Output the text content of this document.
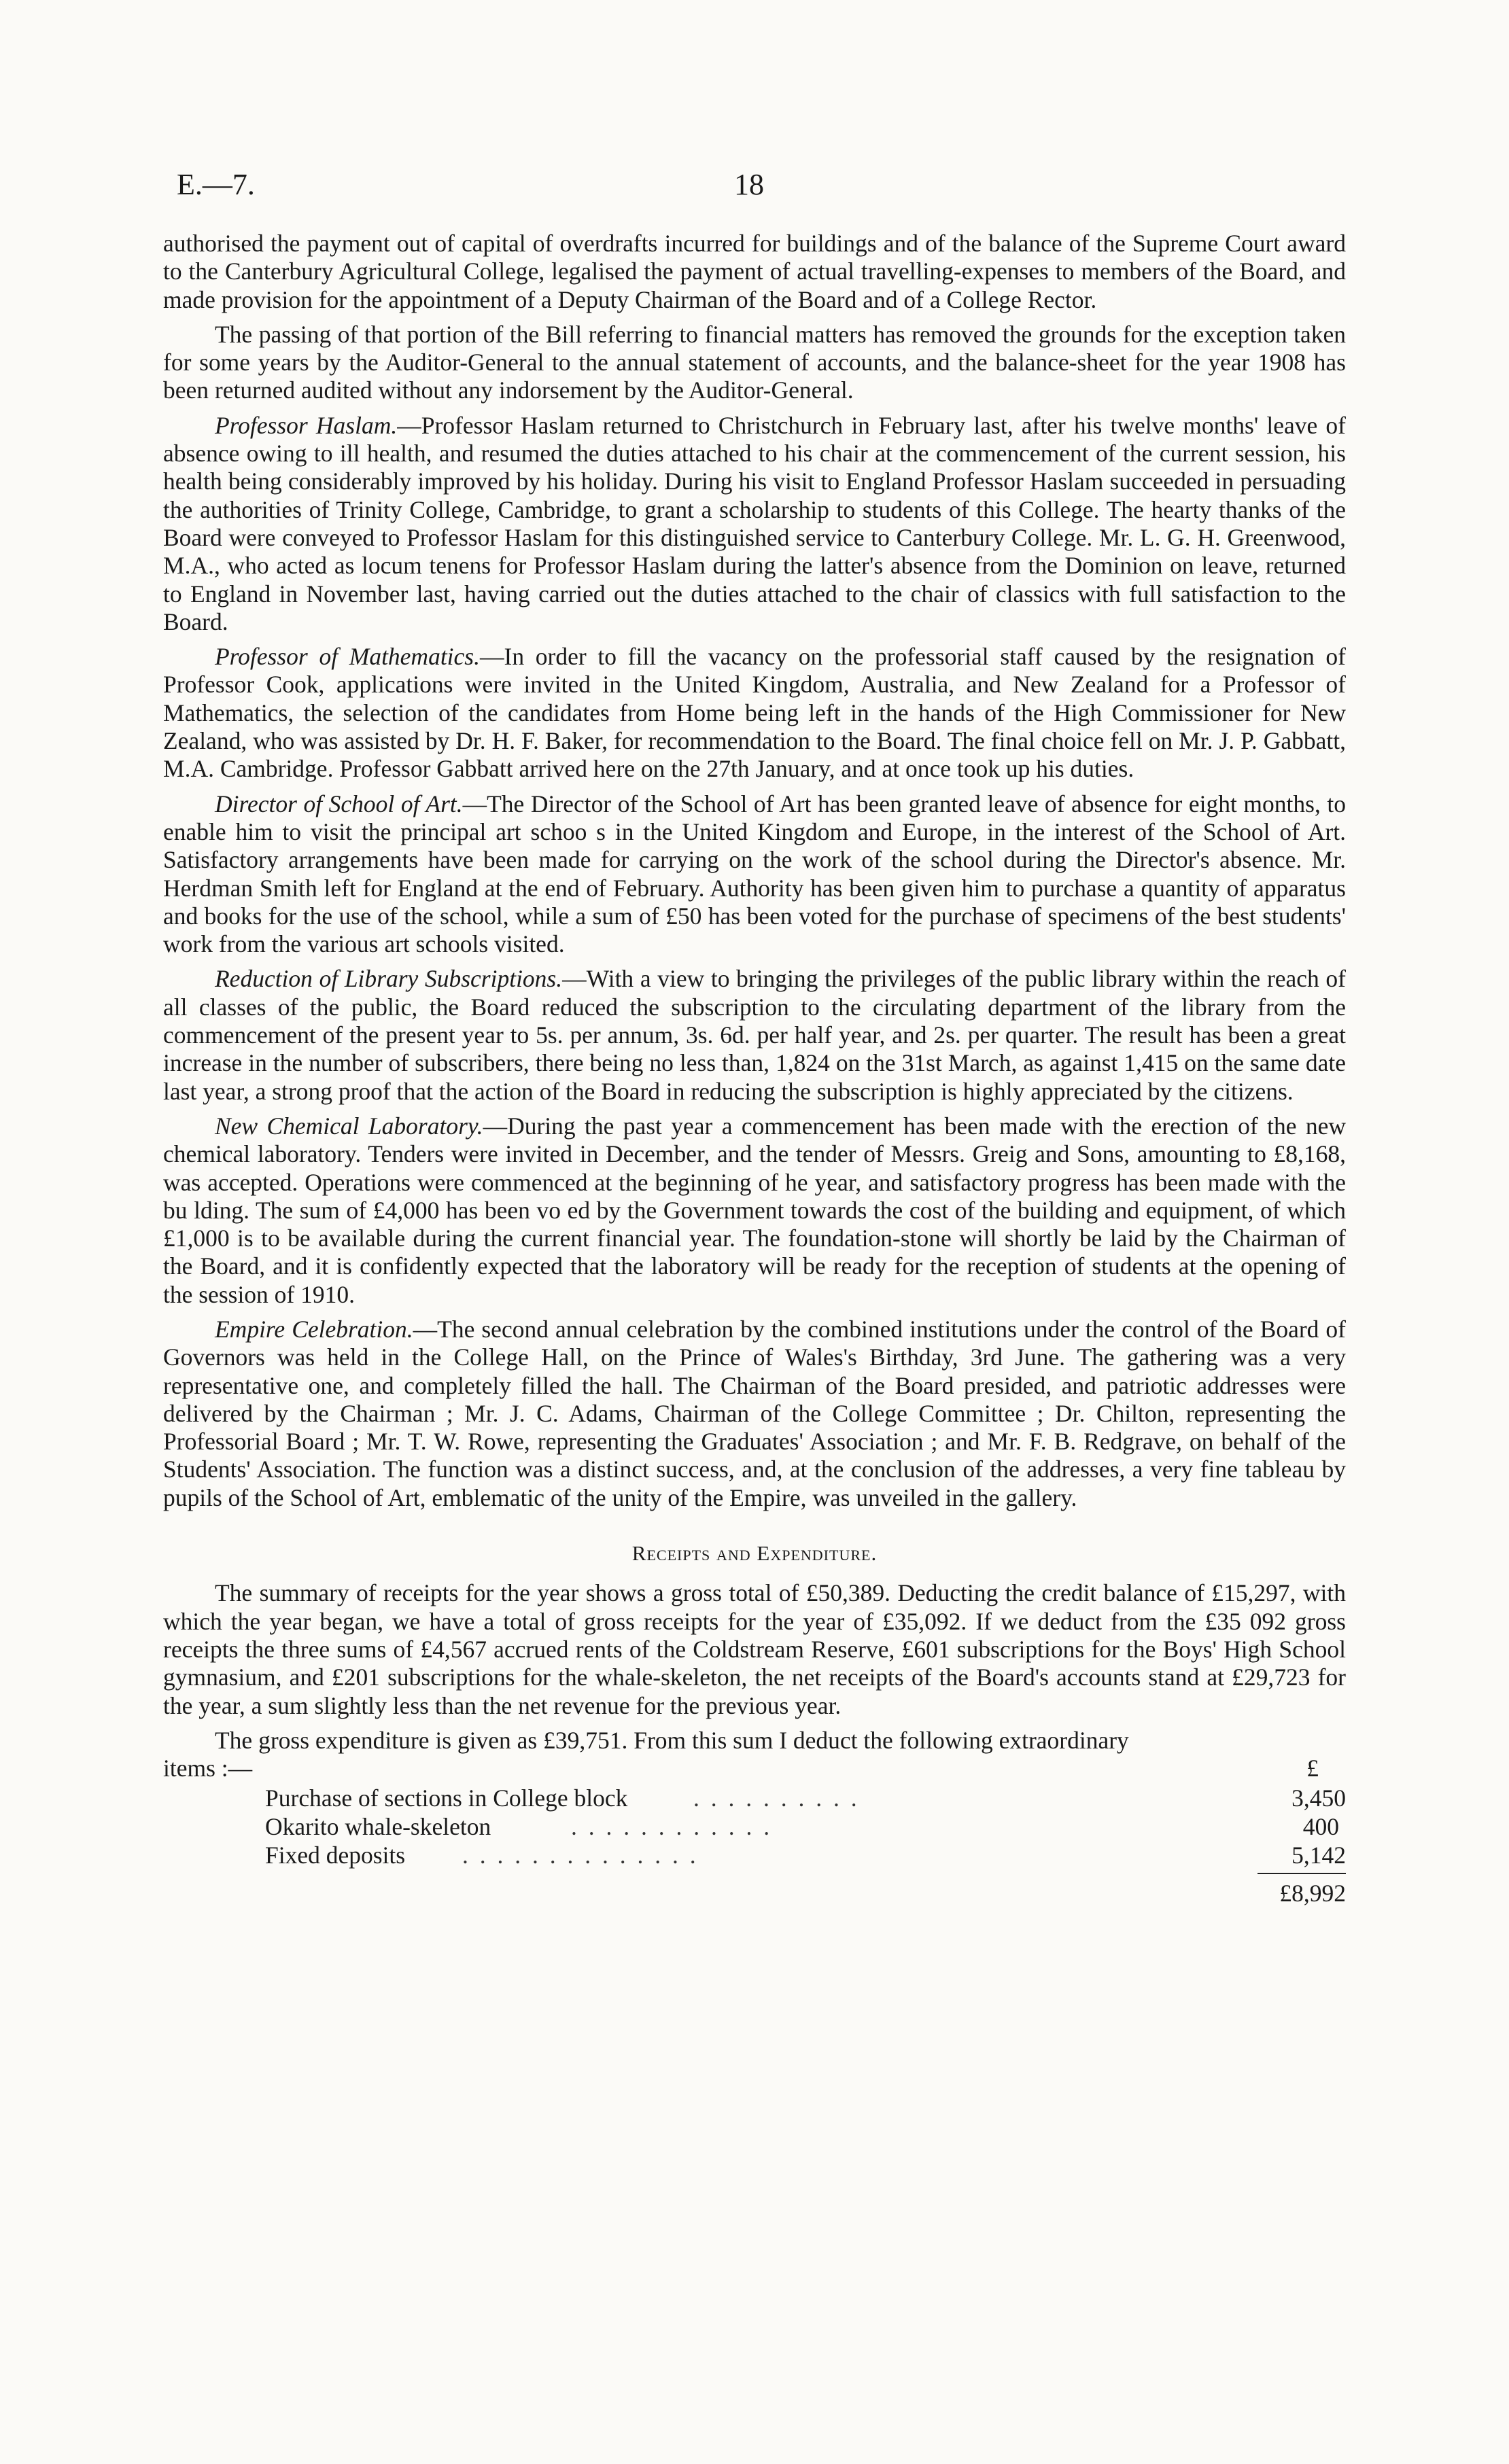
E.—7.	18

authorised the payment out of capital of overdrafts incurred for buildings and of the balance of the Supreme Court award to the Canterbury Agricultural College, legalised the payment of actual travelling-expenses to members of the Board, and made provision for the appointment of a Deputy Chairman of the Board and of a College Rector.

The passing of that portion of the Bill referring to financial matters has removed the grounds for the exception taken for some years by the Auditor-General to the annual statement of accounts, and the balance-sheet for the year 1908 has been returned audited without any indorsement by the Auditor-General.

Professor Haslam.—Professor Haslam returned to Christchurch in February last, after his twelve months' leave of absence owing to ill health, and resumed the duties attached to his chair at the commencement of the current session, his health being considerably improved by his holiday. During his visit to England Professor Haslam succeeded in persuading the authorities of Trinity College, Cambridge, to grant a scholarship to students of this College. The hearty thanks of the Board were conveyed to Professor Haslam for this distinguished service to Canterbury College. Mr. L. G. H. Greenwood, M.A., who acted as locum tenens for Professor Haslam during the latter's absence from the Dominion on leave, returned to England in November last, having carried out the duties attached to the chair of classics with full satisfaction to the Board.

Professor of Mathematics.—In order to fill the vacancy on the professorial staff caused by the resignation of Professor Cook, applications were invited in the United Kingdom, Australia, and New Zealand for a Professor of Mathematics, the selection of the candidates from Home being left in the hands of the High Commissioner for New Zealand, who was assisted by Dr. H. F. Baker, for recommendation to the Board. The final choice fell on Mr. J. P. Gabbatt, M.A. Cambridge. Professor Gabbatt arrived here on the 27th January, and at once took up his duties.

Director of School of Art.—The Director of the School of Art has been granted leave of absence for eight months, to enable him to visit the principal art schoo s in the United Kingdom and Europe, in the interest of the School of Art. Satisfactory arrangements have been made for carrying on the work of the school during the Director's absence. Mr. Herdman Smith left for England at the end of February. Authority has been given him to purchase a quantity of apparatus and books for the use of the school, while a sum of £50 has been voted for the purchase of specimens of the best students' work from the various art schools visited.

Reduction of Library Subscriptions.—With a view to bringing the privileges of the public library within the reach of all classes of the public, the Board reduced the subscription to the circulating department of the library from the commencement of the present year to 5s. per annum, 3s. 6d. per half year, and 2s. per quarter. The result has been a great increase in the number of subscribers, there being no less than, 1,824 on the 31st March, as against 1,415 on the same date last year, a strong proof that the action of the Board in reducing the subscription is highly appreciated by the citizens.

New Chemical Laboratory.—During the past year a commencement has been made with the erection of the new chemical laboratory. Tenders were invited in December, and the tender of Messrs. Greig and Sons, amounting to £8,168, was accepted. Operations were commenced at the beginning of he year, and satisfactory progress has been made with the bu lding. The sum of £4,000 has been vo ed by the Government towards the cost of the building and equipment, of which £1,000 is to be available during the current financial year. The foundation-stone will shortly be laid by the Chairman of the Board, and it is confidently expected that the laboratory will be ready for the reception of students at the opening of the session of 1910.

Empire Celebration.—The second annual celebration by the combined institutions under the control of the Board of Governors was held in the College Hall, on the Prince of Wales's Birthday, 3rd June. The gathering was a very representative one, and completely filled the hall. The Chairman of the Board presided, and patriotic addresses were delivered by the Chairman ; Mr. J. C. Adams, Chairman of the College Committee ; Dr. Chilton, representing the Professorial Board ; Mr. T. W. Rowe, representing the Graduates' Association ; and Mr. F. B. Redgrave, on behalf of the Students' Association. The function was a distinct success, and, at the conclusion of the addresses, a very fine tableau by pupils of the School of Art, emblematic of the unity of the Empire, was unveiled in the gallery.

Receipts and Expenditure.

The summary of receipts for the year shows a gross total of £50,389. Deducting the credit balance of £15,297, with which the year began, we have a total of gross receipts for the year of £35,092. If we deduct from the £35 092 gross receipts the three sums of £4,567 accrued rents of the Coldstream Reserve, £601 subscriptions for the Boys' High School gymnasium, and £201 subscriptions for the whale-skeleton, the net receipts of the Board's accounts stand at £29,723 for the year, a sum slightly less than the net revenue for the previous year.

The gross expenditure is given as £39,751. From this sum I deduct the following extraordinary

items :—	£
Purchase of sections in College block	. . . . . . . . . .	3,450
Okarito whale-skeleton	. . . . . . . . . . . .	400
Fixed deposits . . . . . . . . . . . . . .	5,142
£8,992
